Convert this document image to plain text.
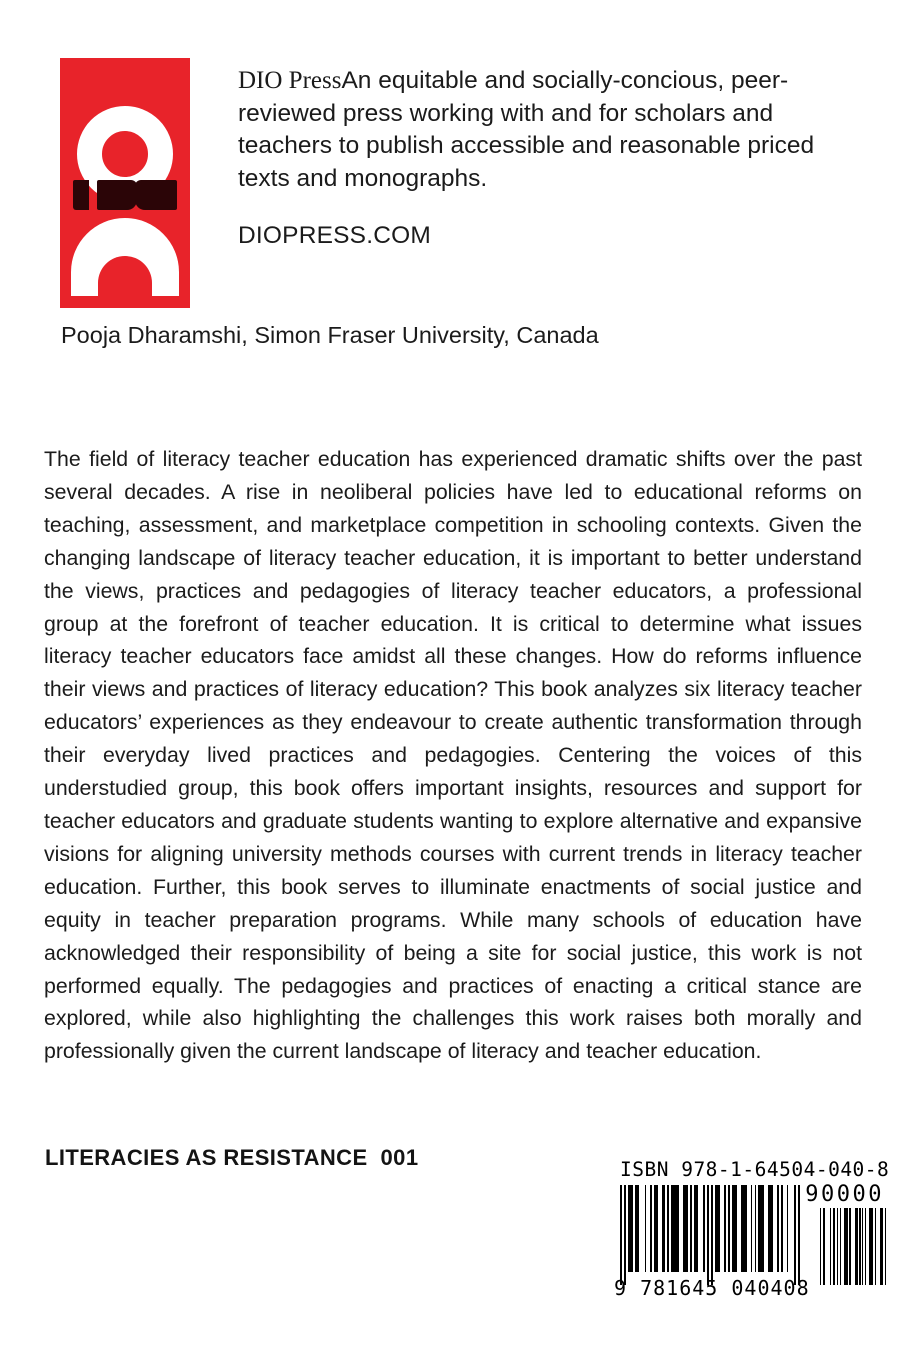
DIO PressAn equitable and socially-concious, peer-reviewed press working with and for scholars and teachers to publish accessible and reasonable priced texts and monographs.

DIOPRESS.COM

Pooja Dharamshi, Simon Fraser University, Canada

The field of literacy teacher education has experienced dramatic shifts over the past several decades. A rise in neoliberal policies have led to educational reforms on teaching, assessment, and marketplace competition in schooling contexts. Given the changing landscape of literacy teacher education, it is important to better understand the views, practices and pedagogies of literacy teacher educators, a professional group at the forefront of teacher education. It is critical to determine what issues literacy teacher educators face amidst all these changes. How do reforms influence their views and practices of literacy education? This book analyzes six literacy teacher educators’ experiences as they endeavour to create authentic transformation through their everyday lived practices and pedagogies. Centering the voices of this understudied group, this book offers important insights, resources and support for teacher educators and graduate students wanting to explore alternative and expansive visions for aligning university methods courses with current trends in literacy teacher education. Further, this book serves to illuminate enactments of social justice and equity in teacher preparation programs. While many schools of education have acknowledged their responsibility of being a site for social justice, this work is not performed equally. The pedagogies and practices of enacting a critical stance are explored, while also highlighting the challenges this work raises both morally and professionally given the current landscape of literacy and teacher education.

LITERACIES AS RESISTANCE  001	ISBN 978-1-64504-040-8
90000
9 781645 040408
